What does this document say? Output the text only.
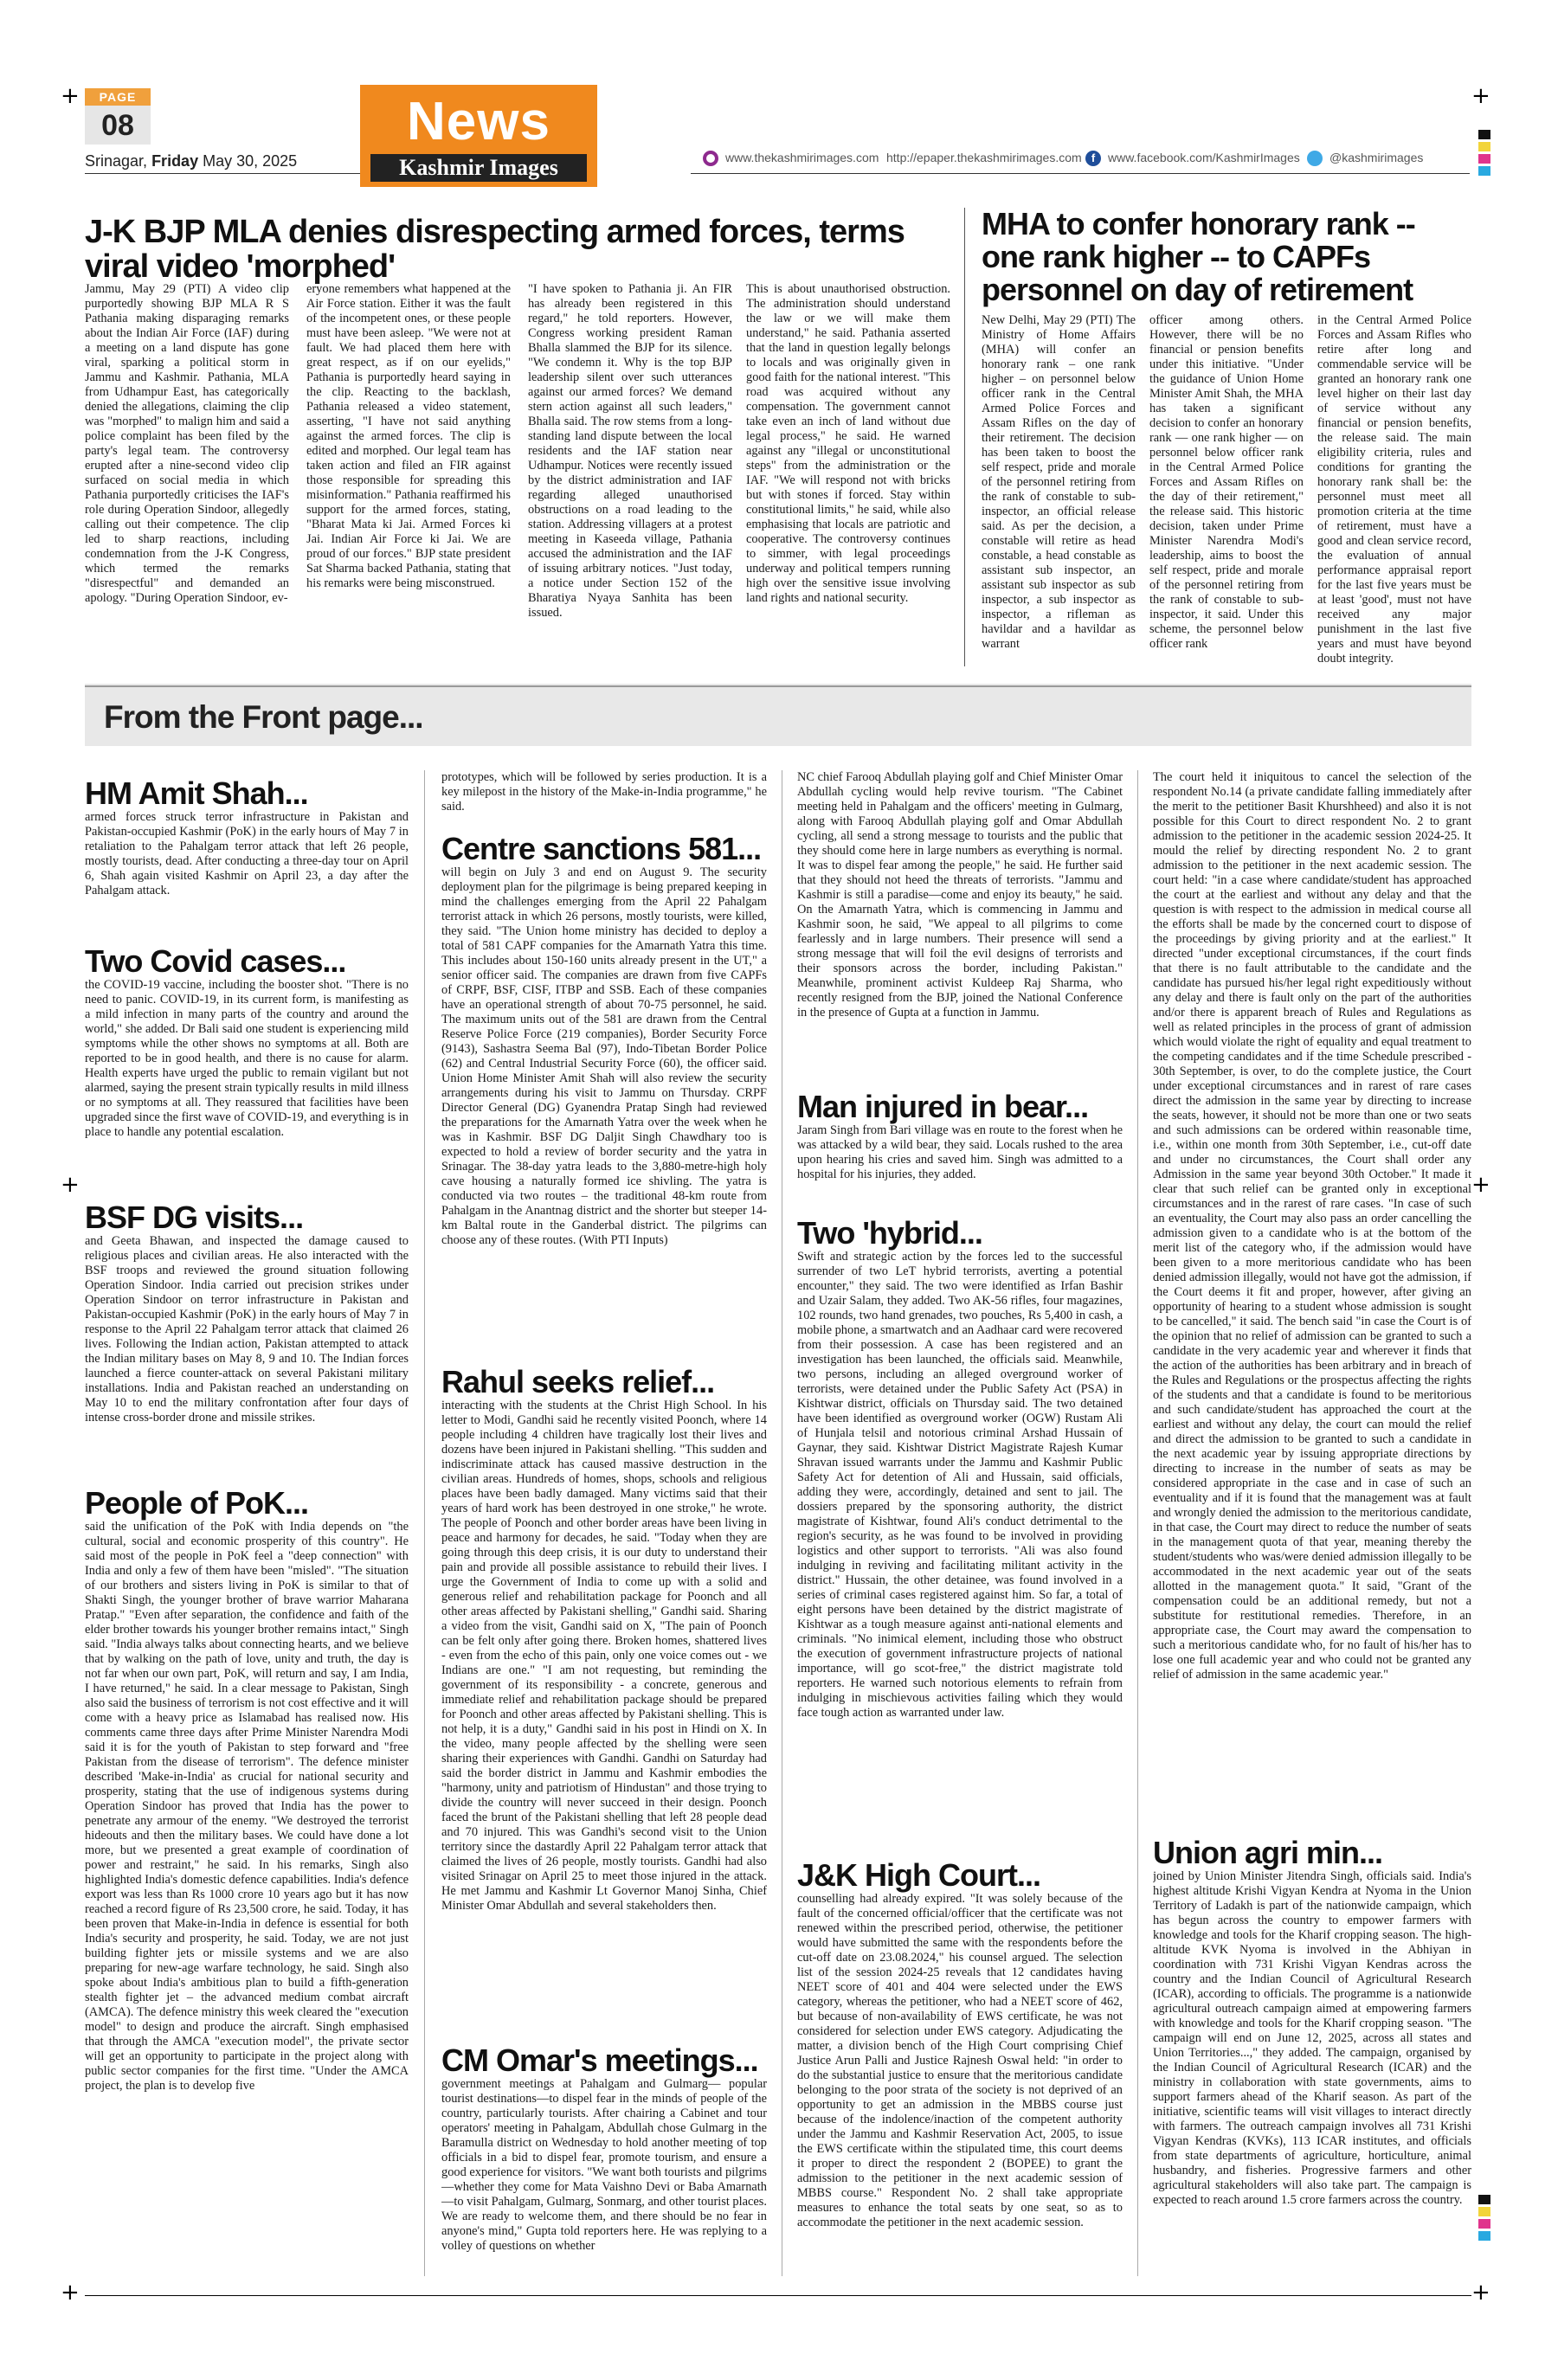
+	+
+	+
+	+
PAGE
08
Srinagar, Friday May 30, 2025
News
Kashmir Images	www.thekashmirimages.com http://epaper.thekashmirimages.com f www.facebook.com/KashmirImages	@kashmirimages
J-K BJP MLA denies disrespecting armed forces, terms viral video 'morphed'
Jammu, May 29 (PTI) A video clip purportedly showing BJP MLA R S Pathania making disparaging remarks about the Indian Air Force (IAF) during a meeting on a land dispute has gone viral, sparking a political storm in Jammu and Kashmir. Pathania, MLA from Udhampur East, has categorically denied the allegations, claiming the clip was "morphed" to malign him and said a police complaint has been filed by the party's legal team. The controversy erupted after a nine-second video clip surfaced on social media in which Pathania purportedly criticises the IAF's role during Operation Sindoor, allegedly calling out their competence. The clip led to sharp reactions, including condemnation from the J-K Congress, which termed the remarks "disrespectful" and demanded an apology. "During Operation Sindoor, ev-
eryone remembers what happened at the Air Force station. Either it was the fault of the incompetent ones, or these people must have been asleep. "We were not at fault. We had placed them here with great respect, as if on our eyelids," Pathania is purportedly heard saying in the clip. Reacting to the backlash, Pathania released a video statement, asserting, "I have not said anything against the armed forces. The clip is edited and morphed. Our legal team has taken action and filed an FIR against those responsible for spreading this misinformation." Pathania reaffirmed his support for the armed forces, stating, "Bharat Mata ki Jai. Armed Forces ki Jai. Indian Air Force ki Jai. We are proud of our forces." BJP state president Sat Sharma backed Pathania, stating that his remarks were being misconstrued.
"I have spoken to Pathania ji. An FIR has already been registered in this regard," he told reporters. However, Congress working president Raman Bhalla slammed the BJP for its silence. "We condemn it. Why is the top BJP leadership silent over such utterances against our armed forces? We demand stern action against all such leaders," Bhalla said. The row stems from a long-standing land dispute between the local residents and the IAF station near Udhampur. Notices were recently issued by the district administration and IAF regarding alleged unauthorised obstructions on a road leading to the station. Addressing villagers at a protest meeting in Kaseeda village, Pathania accused the administration and the IAF of issuing arbitrary notices. "Just today, a notice under Section 152 of the Bharatiya Nyaya Sanhita has been issued.
This is about unauthorised obstruction. The administration should understand the law or we will make them understand," he said. Pathania asserted that the land in question legally belongs to locals and was originally given in good faith for the national interest. "This road was acquired without any compensation. The government cannot take even an inch of land without due legal process," he said. He warned against any "illegal or unconstitutional steps" from the administration or the IAF. "We will respond not with bricks but with stones if forced. Stay within constitutional limits," he said, while also emphasising that locals are patriotic and cooperative. The controversy continues to simmer, with legal proceedings underway and political tempers running high over the sensitive issue involving land rights and national security.
MHA to confer honorary rank -- one rank higher -- to CAPFs personnel on day of retirement
New Delhi, May 29 (PTI) The Ministry of Home Affairs (MHA) will confer an honorary rank – one rank higher – on personnel below officer rank in the Central Armed Police Forces and Assam Rifles on the day of their retirement. The decision has been taken to boost the self respect, pride and morale of the personnel retiring from the rank of constable to sub-inspector, an official release said. As per the decision, a constable will retire as head constable, a head constable as assistant sub inspector, an assistant sub inspector as sub inspector, a sub inspector as inspector, a rifleman as havildar and a havildar as warrant
officer among others. However, there will be no financial or pension benefits under this initiative. "Under the guidance of Union Home Minister Amit Shah, the MHA has taken a significant decision to confer an honorary rank — one rank higher — on personnel below officer rank in the Central Armed Police Forces and Assam Rifles on the day of their retirement," the release said. This historic decision, taken under Prime Minister Narendra Modi's leadership, aims to boost the self respect, pride and morale of the personnel retiring from the rank of constable to sub-inspector, it said. Under this scheme, the personnel below officer rank
in the Central Armed Police Forces and Assam Rifles who retire after long and commendable service will be granted an honorary rank one level higher on their last day of service without any financial or pension benefits, the release said. The main eligibility criteria, rules and conditions for granting the honorary rank shall be: the personnel must meet all promotion criteria at the time of retirement, must have a good and clean service record, the evaluation of annual performance appraisal report for the last five years must be at least 'good', must not have received any major punishment in the last five years and must have beyond doubt integrity.
From the Front page...
HM Amit Shah...
armed forces struck terror infrastructure in Pakistan and Pakistan-occupied Kashmir (PoK) in the early hours of May 7 in retaliation to the Pahalgam terror attack that left 26 people, mostly tourists, dead. After conducting a three-day tour on April 6, Shah again visited Kashmir on April 23, a day after the Pahalgam attack.
Two Covid cases...
the COVID-19 vaccine, including the booster shot. "There is no need to panic. COVID-19, in its current form, is manifesting as a mild infection in many parts of the country and around the world," she added. Dr Bali said one student is experiencing mild symptoms while the other shows no symptoms at all. Both are reported to be in good health, and there is no cause for alarm. Health experts have urged the public to remain vigilant but not alarmed, saying the present strain typically results in mild illness or no symptoms at all. They reassured that facilities have been upgraded since the first wave of COVID-19, and everything is in place to handle any potential escalation.
BSF DG visits...
and Geeta Bhawan, and inspected the damage caused to religious places and civilian areas. He also interacted with the BSF troops and reviewed the ground situation following Operation Sindoor. India carried out precision strikes under Operation Sindoor on terror infrastructure in Pakistan and Pakistan-occupied Kashmir (PoK) in the early hours of May 7 in response to the April 22 Pahalgam terror attack that claimed 26 lives. Following the Indian action, Pakistan attempted to attack the Indian military bases on May 8, 9 and 10. The Indian forces launched a fierce counter-attack on several Pakistani military installations. India and Pakistan reached an understanding on May 10 to end the military confrontation after four days of intense cross-border drone and missile strikes.
People of PoK...
said the unification of the PoK with India depends on "the cultural, social and economic prosperity of this country". He said most of the people in PoK feel a "deep connection" with India and only a few of them have been "misled". "The situation of our brothers and sisters living in PoK is similar to that of Shakti Singh, the younger brother of brave warrior Maharana Pratap." "Even after separation, the confidence and faith of the elder brother towards his younger brother remains intact," Singh said. "India always talks about connecting hearts, and we believe that by walking on the path of love, unity and truth, the day is not far when our own part, PoK, will return and say, I am India, I have returned," he said. In a clear message to Pakistan, Singh also said the business of terrorism is not cost effective and it will come with a heavy price as Islamabad has realised now. His comments came three days after Prime Minister Narendra Modi said it is for the youth of Pakistan to step forward and "free Pakistan from the disease of terrorism". The defence minister described 'Make-in-India' as crucial for national security and prosperity, stating that the use of indigenous systems during Operation Sindoor has proved that India has the power to penetrate any armour of the enemy. "We destroyed the terrorist hideouts and then the military bases. We could have done a lot more, but we presented a great example of coordination of power and restraint," he said. In his remarks, Singh also highlighted India's domestic defence capabilities. India's defence export was less than Rs 1000 crore 10 years ago but it has now reached a record figure of Rs 23,500 crore, he said. Today, it has been proven that Make-in-India in defence is essential for both India's security and prosperity, he said. Today, we are not just building fighter jets or missile systems and we are also preparing for new-age warfare technology, he said. Singh also spoke about India's ambitious plan to build a fifth-generation stealth fighter jet – the advanced medium combat aircraft (AMCA). The defence ministry this week cleared the "execution model" to design and produce the aircraft. Singh emphasised that through the AMCA "execution model", the private sector will get an opportunity to participate in the project along with public sector companies for the first time. "Under the AMCA project, the plan is to develop five
prototypes, which will be followed by series production. It is a key milepost in the history of the Make-in-India programme," he said.
Centre sanctions 581...
will begin on July 3 and end on August 9. The security deployment plan for the pilgrimage is being prepared keeping in mind the challenges emerging from the April 22 Pahalgam terrorist attack in which 26 persons, mostly tourists, were killed, they said. "The Union home ministry has decided to deploy a total of 581 CAPF companies for the Amarnath Yatra this time. This includes about 150-160 units already present in the UT," a senior officer said. The companies are drawn from five CAPFs of CRPF, BSF, CISF, ITBP and SSB. Each of these companies have an operational strength of about 70-75 personnel, he said. The maximum units out of the 581 are drawn from the Central Reserve Police Force (219 companies), Border Security Force (9143), Sashastra Seema Bal (97), Indo-Tibetan Border Police (62) and Central Industrial Security Force (60), the officer said. Union Home Minister Amit Shah will also review the security arrangements during his visit to Jammu on Thursday. CRPF Director General (DG) Gyanendra Pratap Singh had reviewed the preparations for the Amarnath Yatra over the week when he was in Kashmir. BSF DG Daljit Singh Chawdhary too is expected to hold a review of border security and the yatra in Srinagar. The 38-day yatra leads to the 3,880-metre-high holy cave housing a naturally formed ice shivling. The yatra is conducted via two routes – the traditional 48-km route from Pahalgam in the Anantnag district and the shorter but steeper 14-km Baltal route in the Ganderbal district. The pilgrims can choose any of these routes. (With PTI Inputs)
Rahul seeks relief...
interacting with the students at the Christ High School. In his letter to Modi, Gandhi said he recently visited Poonch, where 14 people including 4 children have tragically lost their lives and dozens have been injured in Pakistani shelling. "This sudden and indiscriminate attack has caused massive destruction in the civilian areas. Hundreds of homes, shops, schools and religious places have been badly damaged. Many victims said that their years of hard work has been destroyed in one stroke," he wrote. The people of Poonch and other border areas have been living in peace and harmony for decades, he said. "Today when they are going through this deep crisis, it is our duty to understand their pain and provide all possible assistance to rebuild their lives. I urge the Government of India to come up with a solid and generous relief and rehabilitation package for Poonch and all other areas affected by Pakistani shelling," Gandhi said. Sharing a video from the visit, Gandhi said on X, "The pain of Poonch can be felt only after going there. Broken homes, shattered lives - even from the echo of this pain, only one voice comes out - we Indians are one." "I am not requesting, but reminding the government of its responsibility - a concrete, generous and immediate relief and rehabilitation package should be prepared for Poonch and other areas affected by Pakistani shelling. This is not help, it is a duty," Gandhi said in his post in Hindi on X. In the video, many people affected by the shelling were seen sharing their experiences with Gandhi. Gandhi on Saturday had said the border district in Jammu and Kashmir embodies the "harmony, unity and patriotism of Hindustan" and those trying to divide the country will never succeed in their design. Poonch faced the brunt of the Pakistani shelling that left 28 people dead and 70 injured. This was Gandhi's second visit to the Union territory since the dastardly April 22 Pahalgam terror attack that claimed the lives of 26 people, mostly tourists. Gandhi had also visited Srinagar on April 25 to meet those injured in the attack. He met Jammu and Kashmir Lt Governor Manoj Sinha, Chief Minister Omar Abdullah and several stakeholders then.
CM Omar's meetings...
government meetings at Pahalgam and Gulmarg— popular tourist destinations—to dispel fear in the minds of people of the country, particularly tourists. After chairing a Cabinet and tour operators' meeting in Pahalgam, Abdullah chose Gulmarg in the Baramulla district on Wednesday to hold another meeting of top officials in a bid to dispel fear, promote tourism, and ensure a good experience for visitors. "We want both tourists and pilgrims—whether they come for Mata Vaishno Devi or Baba Amarnath—to visit Pahalgam, Gulmarg, Sonmarg, and other tourist places. We are ready to welcome them, and there should be no fear in anyone's mind," Gupta told reporters here. He was replying to a volley of questions on whether
NC chief Farooq Abdullah playing golf and Chief Minister Omar Abdullah cycling would help revive tourism. "The Cabinet meeting held in Pahalgam and the officers' meeting in Gulmarg, along with Farooq Abdullah playing golf and Omar Abdullah cycling, all send a strong message to tourists and the public that they should come here in large numbers as everything is normal. It was to dispel fear among the people," he said. He further said that they should not heed the threats of terrorists. "Jammu and Kashmir is still a paradise—come and enjoy its beauty," he said. On the Amarnath Yatra, which is commencing in Jammu and Kashmir soon, he said, "We appeal to all pilgrims to come fearlessly and in large numbers. Their presence will send a strong message that will foil the evil designs of terrorists and their sponsors across the border, including Pakistan." Meanwhile, prominent activist Kuldeep Raj Sharma, who recently resigned from the BJP, joined the National Conference in the presence of Gupta at a function in Jammu.
Man injured in bear...
Jaram Singh from Bari village was en route to the forest when he was attacked by a wild bear, they said. Locals rushed to the area upon hearing his cries and saved him. Singh was admitted to a hospital for his injuries, they added.
Two 'hybrid...
Swift and strategic action by the forces led to the successful surrender of two LeT hybrid terrorists, averting a potential encounter," they said. The two were identified as Irfan Bashir and Uzair Salam, they added. Two AK-56 rifles, four magazines, 102 rounds, two hand grenades, two pouches, Rs 5,400 in cash, a mobile phone, a smartwatch and an Aadhaar card were recovered from their possession. A case has been registered and an investigation has been launched, the officials said. Meanwhile, two persons, including an alleged overground worker of terrorists, were detained under the Public Safety Act (PSA) in Kishtwar district, officials on Thursday said. The two detained have been identified as overground worker (OGW) Rustam Ali of Hunjala telsil and notorious criminal Arshad Hussain of Gaynar, they said. Kishtwar District Magistrate Rajesh Kumar Shravan issued warrants under the Jammu and Kashmir Public Safety Act for detention of Ali and Hussain, said officials, adding they were, accordingly, detained and sent to jail. The dossiers prepared by the sponsoring authority, the district magistrate of Kishtwar, found Ali's conduct detrimental to the region's security, as he was found to be involved in providing logistics and other support to terrorists. "Ali was also found indulging in reviving and facilitating militant activity in the district." Hussain, the other detainee, was found involved in a series of criminal cases registered against him. So far, a total of eight persons have been detained by the district magistrate of Kishtwar as a tough measure against anti-national elements and criminals. "No inimical element, including those who obstruct the execution of government infrastructure projects of national importance, will go scot-free," the district magistrate told reporters. He warned such notorious elements to refrain from indulging in mischievous activities failing which they would face tough action as warranted under law.
J&K High Court...
counselling had already expired. "It was solely because of the fault of the concerned official/officer that the certificate was not renewed within the prescribed period, otherwise, the petitioner would have submitted the same with the respondents before the cut-off date on 23.08.2024," his counsel argued. The selection list of the session 2024-25 reveals that 12 candidates having NEET score of 401 and 404 were selected under the EWS category, whereas the petitioner, who had a NEET score of 462, but because of non-availability of EWS certificate, he was not considered for selection under EWS category. Adjudicating the matter, a division bench of the High Court comprising Chief Justice Arun Palli and Justice Rajnesh Oswal held: "in order to do the substantial justice to ensure that the meritorious candidate belonging to the poor strata of the society is not deprived of an opportunity to get an admission in the MBBS course just because of the indolence/inaction of the competent authority under the Jammu and Kashmir Reservation Act, 2005, to issue the EWS certificate within the stipulated time, this court deems it proper to direct the respondent 2 (BOPEE) to grant the admission to the petitioner in the next academic session of MBBS course." Respondent No. 2 shall take appropriate measures to enhance the total seats by one seat, so as to accommodate the petitioner in the next academic session.
The court held it iniquitous to cancel the selection of the respondent No.14 (a private candidate falling immediately after the merit to the petitioner Basit Khurshheed) and also it is not possible for this Court to direct respondent No. 2 to grant admission to the petitioner in the academic session 2024-25. It mould the relief by directing respondent No. 2 to grant admission to the petitioner in the next academic session. The court held: "in a case where candidate/student has approached the court at the earliest and without any delay and that the question is with respect to the admission in medical course all the efforts shall be made by the concerned court to dispose of the proceedings by giving priority and at the earliest." It directed "under exceptional circumstances, if the court finds that there is no fault attributable to the candidate and the candidate has pursued his/her legal right expeditiously without any delay and there is fault only on the part of the authorities and/or there is apparent breach of Rules and Regulations as well as related principles in the process of grant of admission which would violate the right of equality and equal treatment to the competing candidates and if the time Schedule prescribed - 30th September, is over, to do the complete justice, the Court under exceptional circumstances and in rarest of rare cases direct the admission in the same year by directing to increase the seats, however, it should not be more than one or two seats and such admissions can be ordered within reasonable time, i.e., within one month from 30th September, i.e., cut-off date and under no circumstances, the Court shall order any Admission in the same year beyond 30th October." It made it clear that such relief can be granted only in exceptional circumstances and in the rarest of rare cases. "In case of such an eventuality, the Court may also pass an order cancelling the admission given to a candidate who is at the bottom of the merit list of the category who, if the admission would have been given to a more meritorious candidate who has been denied admission illegally, would not have got the admission, if the Court deems it fit and proper, however, after giving an opportunity of hearing to a student whose admission is sought to be cancelled," it said. The bench said "in case the Court is of the opinion that no relief of admission can be granted to such a candidate in the very academic year and wherever it finds that the action of the authorities has been arbitrary and in breach of the Rules and Regulations or the prospectus affecting the rights of the students and that a candidate is found to be meritorious and such candidate/student has approached the court at the earliest and without any delay, the court can mould the relief and direct the admission to be granted to such a candidate in the next academic year by issuing appropriate directions by directing to increase in the number of seats as may be considered appropriate in the case and in case of such an eventuality and if it is found that the management was at fault and wrongly denied the admission to the meritorious candidate, in that case, the Court may direct to reduce the number of seats in the management quota of that year, meaning thereby the student/students who was/were denied admission illegally to be accommodated in the next academic year out of the seats allotted in the management quota." It said, "Grant of the compensation could be an additional remedy, but not a substitute for restitutional remedies. Therefore, in an appropriate case, the Court may award the compensation to such a meritorious candidate who, for no fault of his/her has to lose one full academic year and who could not be granted any relief of admission in the same academic year."
Union agri min...
joined by Union Minister Jitendra Singh, officials said. India's highest altitude Krishi Vigyan Kendra at Nyoma in the Union Territory of Ladakh is part of the nationwide campaign, which has begun across the country to empower farmers with knowledge and tools for the Kharif cropping season. The high-altitude KVK Nyoma is involved in the Abhiyan in coordination with 731 Krishi Vigyan Kendras across the country and the Indian Council of Agricultural Research (ICAR), according to officials. The programme is a nationwide agricultural outreach campaign aimed at empowering farmers with knowledge and tools for the Kharif cropping season. "The campaign will end on June 12, 2025, across all states and Union Territories...," they added. The campaign, organised by the Indian Council of Agricultural Research (ICAR) and the ministry in collaboration with state governments, aims to support farmers ahead of the Kharif season. As part of the initiative, scientific teams will visit villages to interact directly with farmers. The outreach campaign involves all 731 Krishi Vigyan Kendras (KVKs), 113 ICAR institutes, and officials from state departments of agriculture, horticulture, animal husbandry, and fisheries. Progressive farmers and other agricultural stakeholders will also take part. The campaign is expected to reach around 1.5 crore farmers across the country.
